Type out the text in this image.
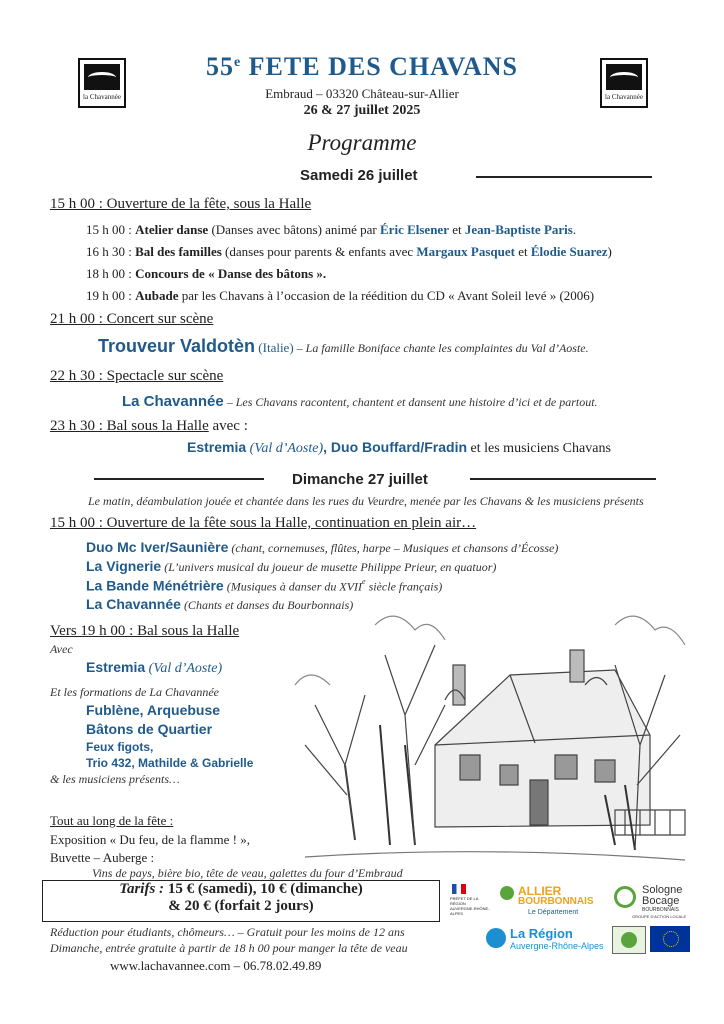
la Chavannée	la Chavannée
55e FETE DES CHAVANS
Embraud – 03320 Château-sur-Allier
26 & 27 juillet 2025
Programme
Samedi 26 juillet
15 h 00 : Ouverture de la fête, sous la Halle
15 h 00 : Atelier danse (Danses avec bâtons) animé par Éric Elsener et Jean-Baptiste Paris.
16 h 30 : Bal des familles (danses pour parents & enfants avec Margaux Pasquet et Élodie Suarez)
18 h 00 : Concours de « Danse des bâtons ».
19 h 00 : Aubade par les Chavans à l’occasion de la réédition du CD « Avant Soleil levé » (2006)
21 h 00 : Concert sur scène
Trouveur Valdotèn (Italie) – La famille Boniface chante les complaintes du Val d’Aoste.
22 h 30 : Spectacle sur scène
La Chavannée – Les Chavans racontent, chantent et dansent une histoire d’ici et de partout.
23 h 30 : Bal sous la Halle avec :
Estremia (Val d’Aoste), Duo Bouffard/Fradin et les musiciens Chavans
Dimanche 27 juillet
Le matin, déambulation jouée et chantée dans les rues du Veurdre, menée par les Chavans & les musiciens présents
15 h 00 : Ouverture de la fête sous la Halle, continuation en plein air…
Duo Mc Iver/Saunière (chant, cornemuses, flûtes, harpe – Musiques et chansons d’Écosse)
La Vignerie (L’univers musical du joueur de musette Philippe Prieur, en quatuor)
La Bande Ménétrière (Musiques à danser du XVIIe siècle français)
La Chavannée (Chants et danses du Bourbonnais)
Vers 19 h 00 : Bal sous la Halle
Avec
Estremia (Val d’Aoste)
Et les formations de La Chavannée
Fublène, Arquebuse
Bâtons de Quartier
Feux figots,
Trio 432, Mathilde & Gabrielle
& les musiciens présents…
Tout au long de la fête :
Exposition « Du feu, de la flamme ! »,
Buvette – Auberge :
Vins de pays, bière bio, tête de veau, galettes du four d’Embraud
Tarifs : 15 € (samedi), 10 € (dimanche)
& 20 € (forfait 2 jours)
Réduction pour étudiants, chômeurs… – Gratuit pour les moins de 12 ans
Dimanche, entrée gratuite à partir de 18 h 00 pour manger la tête de veau
www.lachavannee.com – 06.78.02.49.89
PRÉFET DE LA RÉGION AUVERGNE-RHÔNE-ALPES
ALLIER
BOURBONNAIS
Le Département
Sologne
Bocage
BOURBONNAIS
GROUPE D'ACTION LOCALE
La Région
Auvergne-Rhône-Alpes
